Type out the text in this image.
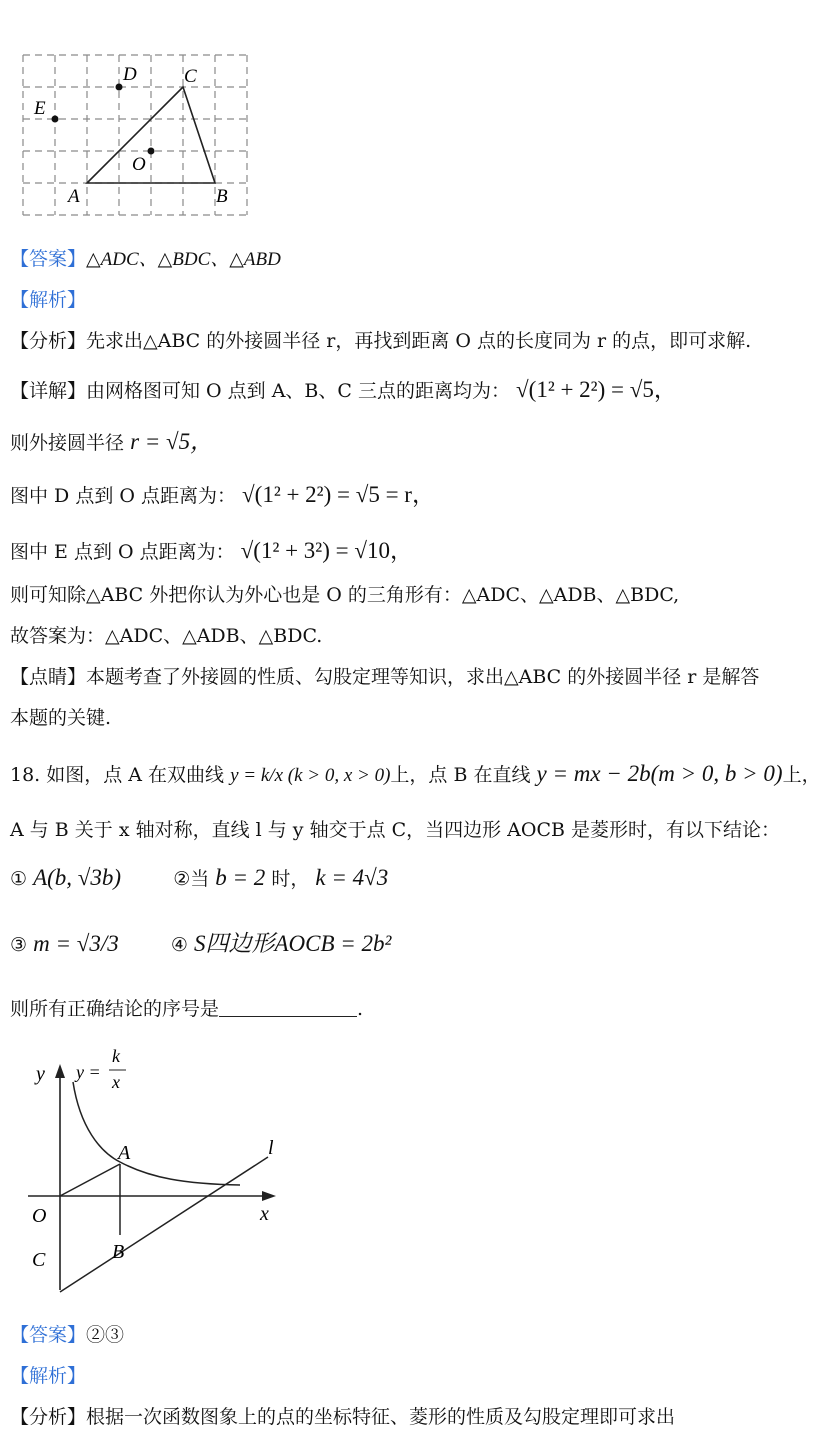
D C
E
O
A	B
【答案】△ADC、△BDC、△ABD
【解析】
【分析】先求出△ABC 的外接圆半径 r，再找到距离 O 点的长度同为 r 的点，即可求解.
【详解】由网格图可知 O 点到 A、B、C 三点的距离均为： √(1² + 2²) = √5，
则外接圆半径 r = √5，
图中 D 点到 O 点距离为： √(1² + 2²) = √5 = r，
图中 E 点到 O 点距离为： √(1² + 3²) = √10，
则可知除△ABC 外把你认为外心也是 O 的三角形有：△ADC、△ADB、△BDC,
故答案为：△ADC、△ADB、△BDC.
【点睛】本题考查了外接圆的性质、勾股定理等知识，求出△ABC 的外接圆半径 r 是解答
本题的关键.
18. 如图，点 A 在双曲线 y = k/x (k > 0, x > 0)上，点 B 在直线 y = mx − 2b(m > 0, b > 0)上，
A 与 B 关于 x 轴对称，直线 l 与 y 轴交于点 C，当四边形 AOCB 是菱形时，有以下结论：
① A(b, √3b)	②当 b = 2 时， k = 4√3
③ m = √3/3	④ S四边形AOCB = 2b²
则所有正确结论的序号是	.
y y =
k
x
A	l
O	x
B
C
【答案】②③
【解析】
【分析】根据一次函数图象上的点的坐标特征、菱形的性质及勾股定理即可求出
